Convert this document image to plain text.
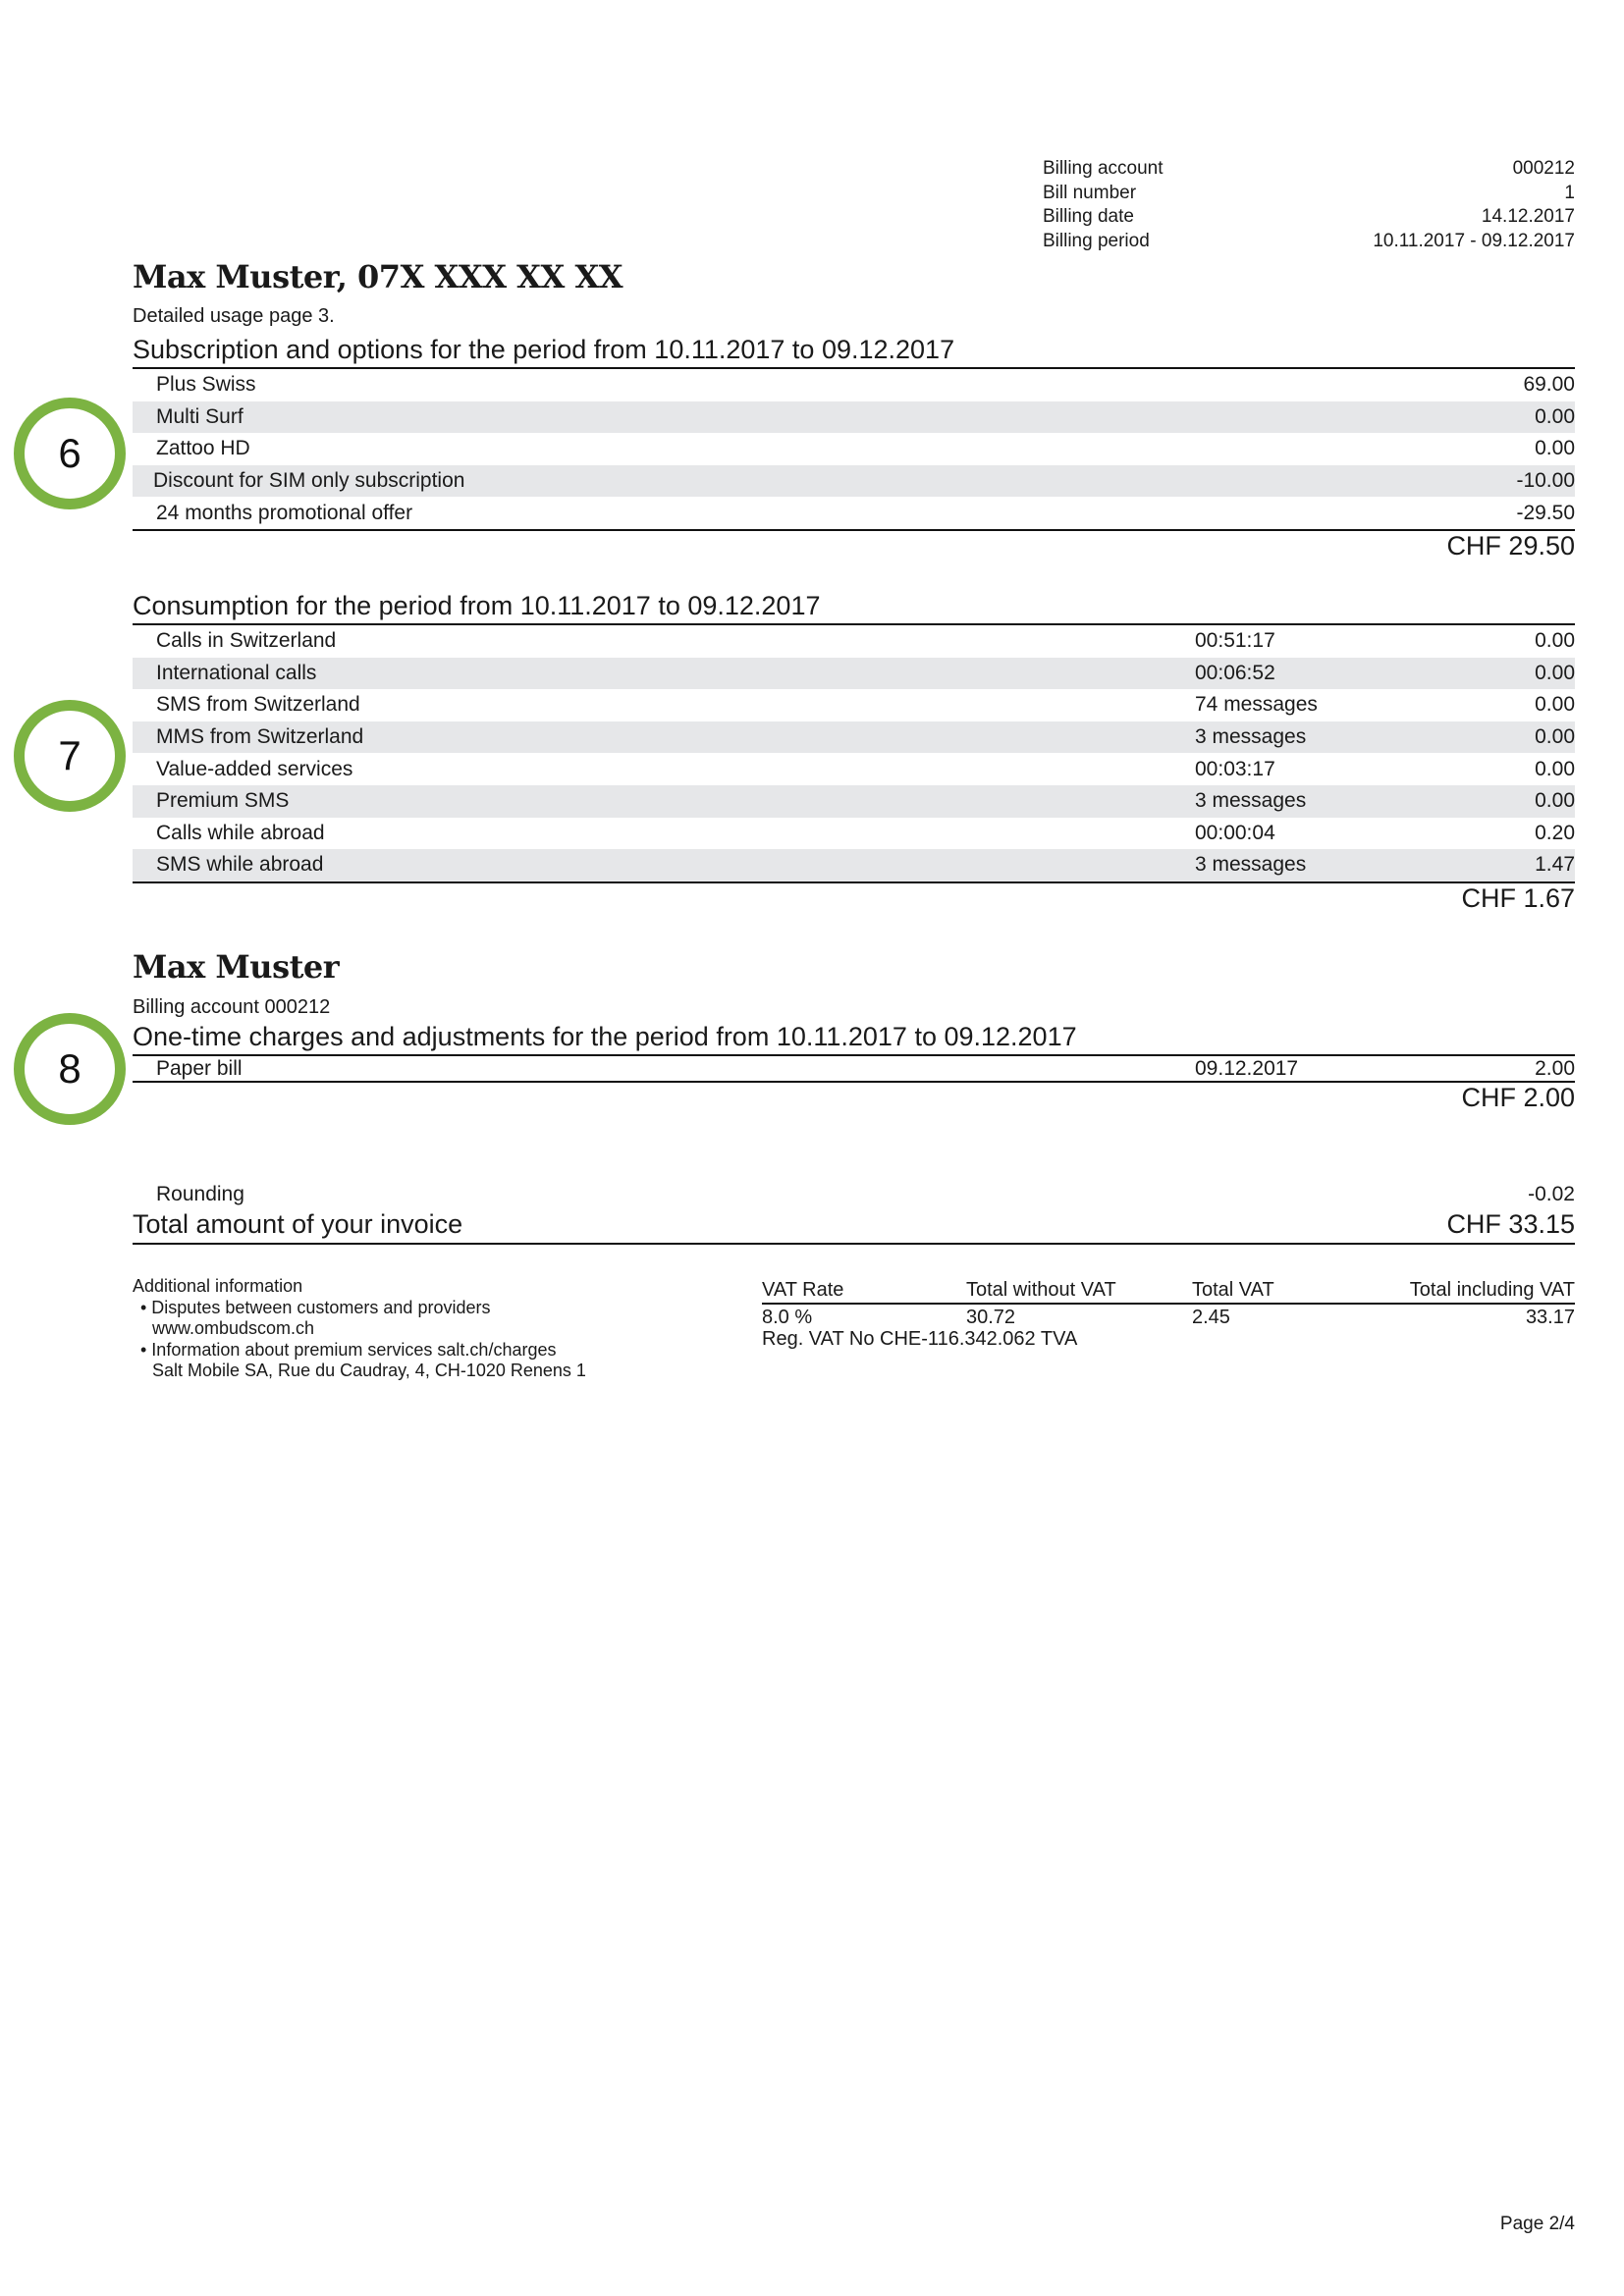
Billing account	000212
Bill number	1
Billing date	14.12.2017
Billing period	10.11.2017 - 09.12.2017
Max Muster, 07X XXX XX XX
Detailed usage page 3.
Subscription and options for the period from 10.11.2017 to 09.12.2017
6
Plus Swiss	69.00
Multi Surf	0.00
Zattoo HD	0.00
Discount for SIM only subscription	-10.00
24 months promotional offer	-29.50
CHF 29.50
Consumption for the period from 10.11.2017 to 09.12.2017
7
Calls in Switzerland	00:51:17	0.00
International calls	00:06:52	0.00
SMS from Switzerland	74 messages	0.00
MMS from Switzerland	3 messages	0.00
Value-added services	00:03:17	0.00
Premium SMS	3 messages	0.00
Calls while abroad	00:00:04	0.20
SMS while abroad	3 messages	1.47
CHF 1.67
Max Muster
Billing account 000212
One-time charges and adjustments for the period from 10.11.2017 to 09.12.2017
8	Paper bill	09.12.2017	2.00
CHF 2.00
Rounding	-0.02
Total amount of your invoice	CHF 33.15
Additional information
• Disputes between customers and providers
www.ombudscom.ch
• Information about premium services salt.ch/charges
Salt Mobile SA, Rue du Caudray, 4, CH-1020 Renens 1
VAT Rate	Total without VAT	Total VAT	Total including VAT
8.0 %	30.72	2.45	33.17
Reg. VAT No CHE-116.342.062 TVA
Page 2/4
